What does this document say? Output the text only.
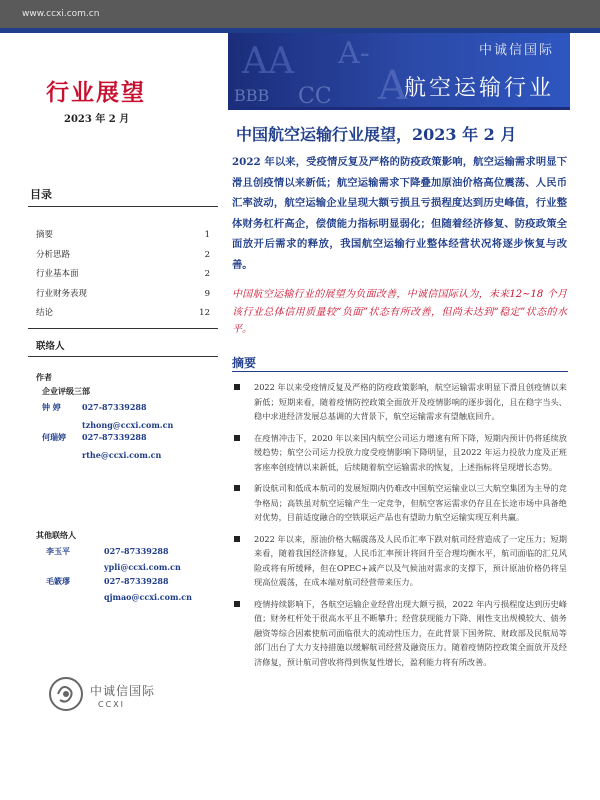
www.ccxi.com.cn
行业展望
2023 年 2 月
目录
摘要	1
分析思路	2
行业基本面	2
行业财务表现	9
结论	12
联络人
作者
企业评级三部
钟 婷	027-87339288
tzhong@ccxi.com.cn
何瑞婷 027-87339288
rthe@ccxi.com.cn
其他联络人
李玉平	027-87339288
ypli@ccxi.com.cn
毛簌璆	027-87339288
qjmao@ccxi.com.cn
中诚信国际
CCXI
AA A-
BBB CC A
中诚信国际
航空运输行业
中国航空运输行业展望，2023 年 2 月
2022 年以来，受疫情反复及严格的防疫政策影响，航空运输需求明显下滑且创疫情以来新低；航空运输需求下降叠加原油价格高位震荡、人民币汇率波动，航空运输企业呈现大额亏损且亏损程度达到历史峰值，行业整体财务杠杆高企，偿债能力指标明显弱化；但随着经济修复、防疫政策全面放开后需求的释放，我国航空运输行业整体经营状况将逐步恢复与改善。
中国航空运输行业的展望为负面改善，中诚信国际认为，未来12~18 个月该行业总体信用质量较“负面”状态有所改善，但尚未达到“稳定”状态的水平。
摘要
2022 年以来受疫情反复及严格的防疫政策影响，航空运输需求明显下滑且创疫情以来新低；短期来看，随着疫情防控政策全面放开及疫情影响的逐步弱化，且在稳字当头、稳中求进经济发展总基调的大背景下，航空运输需求有望触底回升。
在疫情冲击下，2020 年以来国内航空公司运力增速有所下降，短期内预计仍将延续放缓趋势；航空公司运力投放力度受疫情影响下降明显，且2022 年运力投放力度及正班客座率创疫情以来新低，后续随着航空运输需求的恢复，上述指标将呈现增长态势。
新设航司和低成本航司的发展短期内仍难改中国航空运输业以三大航空集团为主导的竞争格局；高铁虽对航空运输产生一定竞争，但航空客运需求仍存且在长途市场中具备绝对优势，目前适度融合的空铁联运产品也有望助力航空运输实现互利共赢。
2022 年以来，原油价格大幅震荡及人民币汇率下跌对航司经营造成了一定压力；短期来看，随着我国经济修复，人民币汇率预计将回升至合理均衡水平，航司面临的汇兑风险或将有所缓释，但在OPEC+减产以及气候油对需求的支撑下，预计原油价格仍将呈现高位震荡，在成本端对航司经营带来压力。
疫情持续影响下，各航空运输企业经营出现大额亏损，2022 年内亏损程度达到历史峰值；财务杠杆处于很高水平且不断攀升；经营获现能力下降、刚性支出规模较大、债务融资等综合因素使航司面临很大的流动性压力，在此背景下国务院、财政部及民航局等部门出台了大力支持措施以缓解航司经营及融资压力。随着疫情防控政策全面放开及经济修复，预计航司营收将得到恢复性增长，盈利能力将有所改善。
